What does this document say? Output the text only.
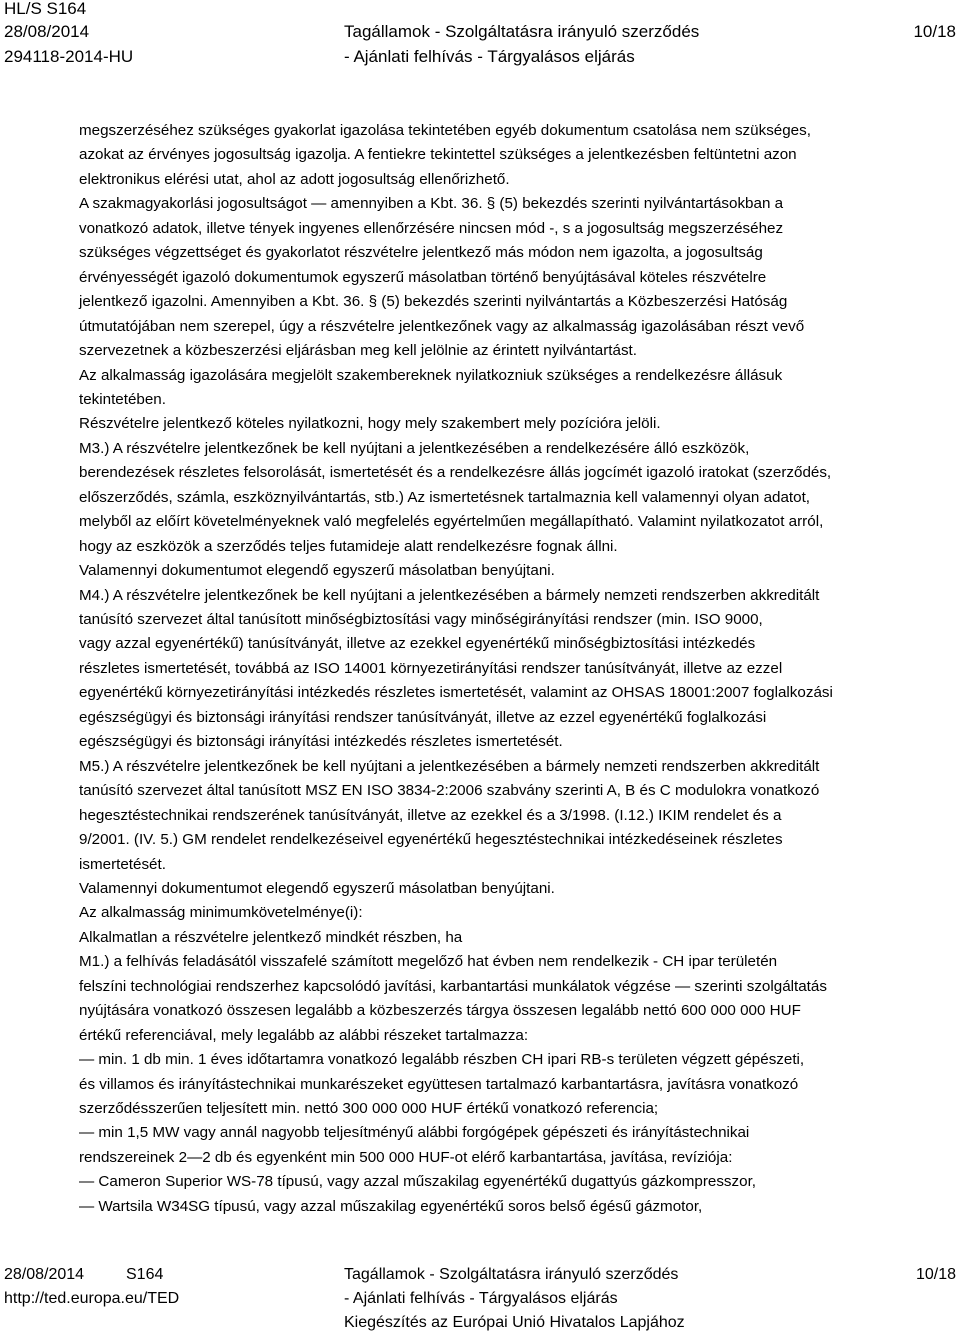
HL/S S164
28/08/2014
294118-2014-HU
Tagállamok - Szolgáltatásra irányuló szerződés
- Ajánlati felhívás - Tárgyalásos eljárás
10/18
megszerzéséhez szükséges gyakorlat igazolása tekintetében egyéb dokumentum csatolása nem szükséges,
azokat az érvényes jogosultság igazolja. A fentiekre tekintettel szükséges a jelentkezésben feltüntetni azon
elektronikus elérési utat, ahol az adott jogosultság ellenőrizhető.
A szakmagyakorlási jogosultságot — amennyiben a Kbt. 36. § (5) bekezdés szerinti nyilvántartásokban a
vonatkozó adatok, illetve tények ingyenes ellenőrzésére nincsen mód -, s a jogosultság megszerzéséhez
szükséges végzettséget és gyakorlatot részvételre jelentkező más módon nem igazolta, a jogosultság
érvényességét igazoló dokumentumok egyszerű másolatban történő benyújtásával köteles részvételre
jelentkező igazolni. Amennyiben a Kbt. 36. § (5) bekezdés szerinti nyilvántartás a Közbeszerzési Hatóság
útmutatójában nem szerepel, úgy a részvételre jelentkezőnek vagy az alkalmasság igazolásában részt vevő
szervezetnek a közbeszerzési eljárásban meg kell jelölnie az érintett nyilvántartást.
Az alkalmasság igazolására megjelölt szakembereknek nyilatkozniuk szükséges a rendelkezésre állásuk
tekintetében.
Részvételre jelentkező köteles nyilatkozni, hogy mely szakembert mely pozícióra jelöli.
M3.) A részvételre jelentkezőnek be kell nyújtani a jelentkezésében a rendelkezésére álló eszközök,
berendezések részletes felsorolását, ismertetését és a rendelkezésre állás jogcímét igazoló iratokat (szerződés,
előszerződés, számla, eszköznyilvántartás, stb.) Az ismertetésnek tartalmaznia kell valamennyi olyan adatot,
melyből az előírt követelményeknek való megfelelés egyértelműen megállapítható. Valamint nyilatkozatot arról,
hogy az eszközök a szerződés teljes futamideje alatt rendelkezésre fognak állni.
Valamennyi dokumentumot elegendő egyszerű másolatban benyújtani.
M4.) A részvételre jelentkezőnek be kell nyújtani a jelentkezésében a bármely nemzeti rendszerben akkreditált
tanúsító szervezet által tanúsított minőségbiztosítási vagy minőségirányítási rendszer (min. ISO 9000,
vagy azzal egyenértékű) tanúsítványát, illetve az ezekkel egyenértékű minőségbiztosítási intézkedés
részletes ismertetését, továbbá az ISO 14001 környezetirányítási rendszer tanúsítványát, illetve az ezzel
egyenértékű környezetirányítási intézkedés részletes ismertetését, valamint az OHSAS 18001:2007 foglalkozási
egészségügyi és biztonsági irányítási rendszer tanúsítványát, illetve az ezzel egyenértékű foglalkozási
egészségügyi és biztonsági irányítási intézkedés részletes ismertetését.
M5.) A részvételre jelentkezőnek be kell nyújtani a jelentkezésében a bármely nemzeti rendszerben akkreditált
tanúsító szervezet által tanúsított MSZ EN ISO 3834-2:2006 szabvány szerinti A, B és C modulokra vonatkozó
hegesztéstechnikai rendszerének tanúsítványát, illetve az ezekkel és a 3/1998. (I.12.) IKIM rendelet és a
9/2001. (IV. 5.) GM rendelet rendelkezéseivel egyenértékű hegesztéstechnikai intézkedéseinek részletes
ismertetését.
Valamennyi dokumentumot elegendő egyszerű másolatban benyújtani.
Az alkalmasság minimumkövetelménye(i):
Alkalmatlan a részvételre jelentkező mindkét részben, ha
M1.) a felhívás feladásától visszafelé számított megelőző hat évben nem rendelkezik - CH ipar területén
felszíni technológiai rendszerhez kapcsolódó javítási, karbantartási munkálatok végzése — szerinti szolgáltatás
nyújtására vonatkozó összesen legalább a közbeszerzés tárgya összesen legalább nettó 600 000 000 HUF
értékű referenciával, mely legalább az alábbi részeket tartalmazza:
— min. 1 db min. 1 éves időtartamra vonatkozó legalább részben CH ipari RB-s területen végzett gépészeti,
és villamos és irányítástechnikai munkarészeket együttesen tartalmazó karbantartásra, javításra vonatkozó
szerződésszerűen teljesített min. nettó 300 000 000 HUF értékű vonatkozó referencia;
— min 1,5 MW vagy annál nagyobb teljesítményű alábbi forgógépek gépészeti és irányítástechnikai
rendszereinek 2—2 db és egyenként min 500 000 HUF-ot elérő karbantartása, javítása, revíziója:
— Cameron Superior WS-78 típusú, vagy azzal műszakilag egyenértékű dugattyús gázkompresszor,
— Wartsila W34SG típusú, vagy azzal műszakilag egyenértékű soros belső égésű gázmotor,
28/08/2014	S164
http://ted.europa.eu/TED
Tagállamok - Szolgáltatásra irányuló szerződés
- Ajánlati felhívás - Tárgyalásos eljárás
Kiegészítés az Európai Unió Hivatalos Lapjához
10/18
